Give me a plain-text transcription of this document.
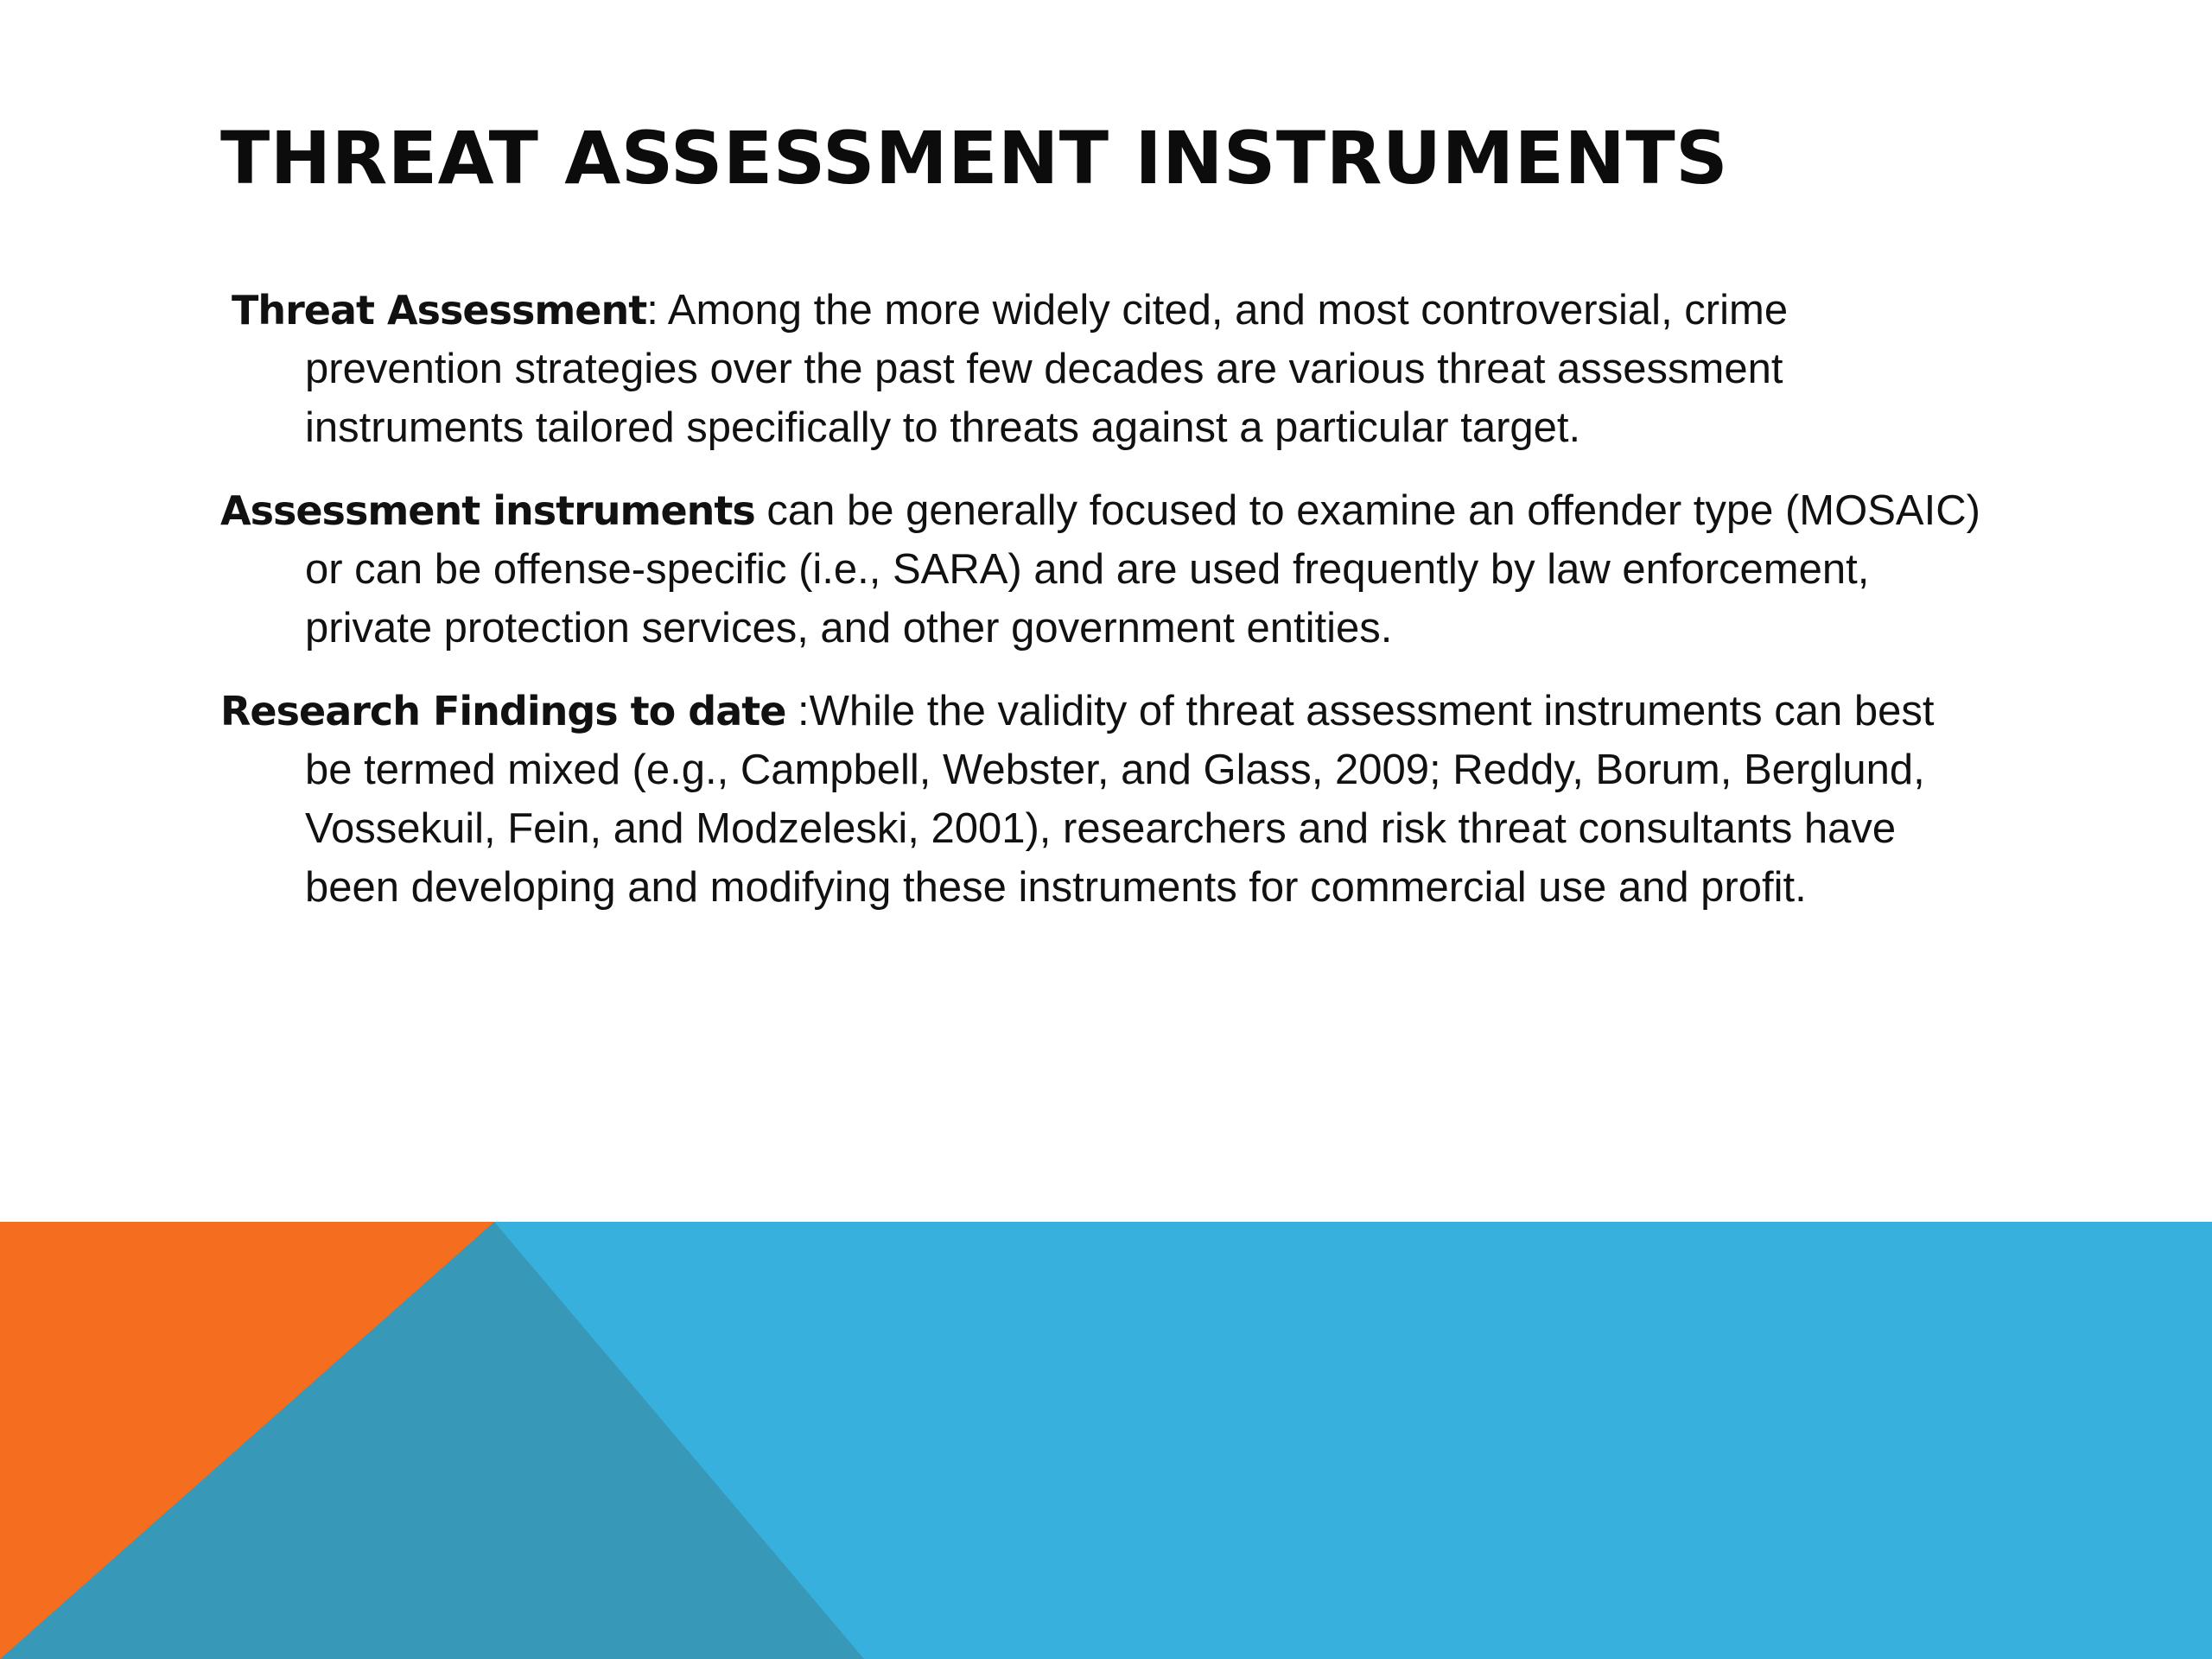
THREAT ASSESSMENT INSTRUMENTS

Threat Assessment: Among the more widely cited, and most controversial, crime prevention strategies over the past few decades are various threat assessment instruments tailored specifically to threats against a particular target.

Assessment instruments can be generally focused to examine an offender type (MOSAIC) or can be offense-specific (i.e., SARA) and are used frequently by law enforcement, private protection services, and other government entities.

Research Findings to date :While the validity of threat assessment instruments can best be termed mixed (e.g., Campbell, Webster, and Glass, 2009; Reddy, Borum, Berglund, Vossekuil, Fein, and Modzeleski, 2001), researchers and risk threat consultants have been developing and modifying these instruments for commercial use and profit.
